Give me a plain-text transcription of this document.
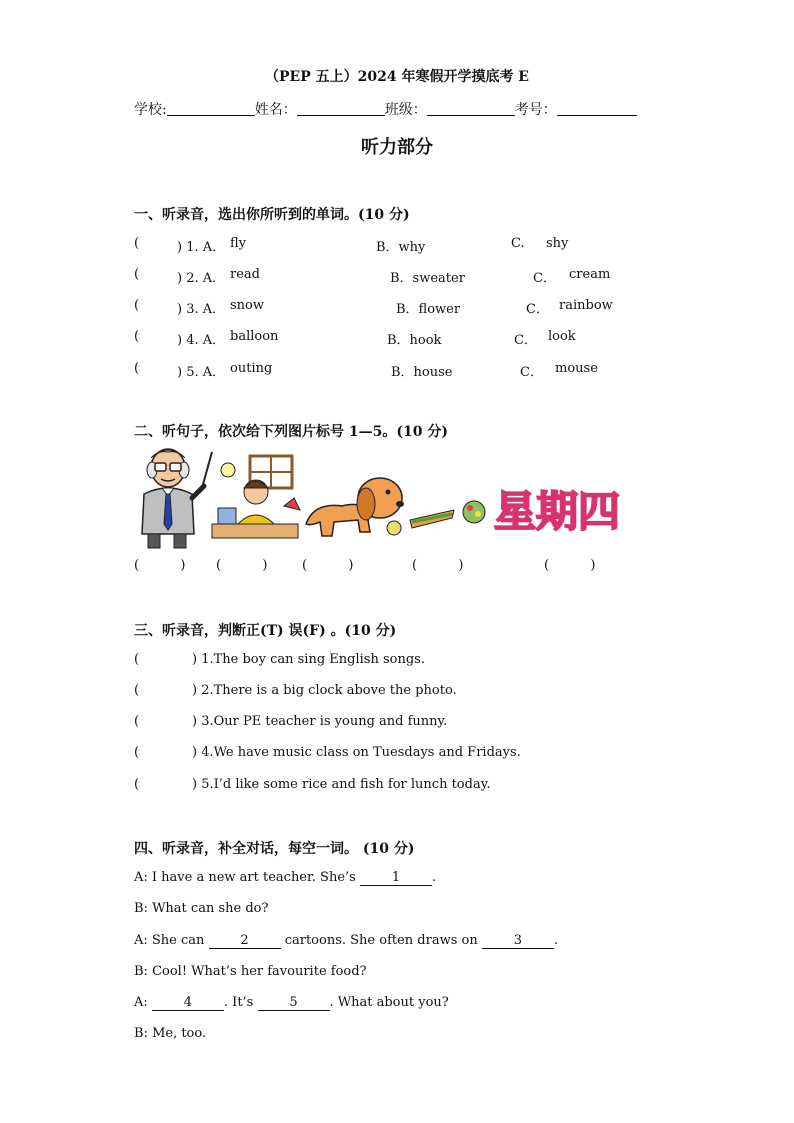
（PEP 五上）2024 年寒假开学摸底考 E
学校:	姓名：	班级：	考号：
听力部分
一、听录音，选出你所听到的单词。(10 分)
(	) 1. A． fly	B．why	C. shy
(	) 2. A． read	B．sweater	C． cream
(	) 3. A． snow	B．flower	C． rainbow
(	) 4. A． balloon	B．hook	C． look
(	) 5. A． outing	B．house	C． mouse
二、听句子，依次给下列图片标号 1—5。(10 分)
星期四
(          ) (          )	(          )	(          )	(          )
三、听录音，判断正(T) 误(F) 。(10 分)
(	) 1.The boy can sing English songs.
(	) 2.There is a big clock above the photo.
(	) 3.Our PE teacher is young and funny.
(	) 4.We have music class on Tuesdays and Fridays.
(	) 5.I’d like some rice and fish for lunch today.
四、听录音，补全对话，每空一词。 (10 分)
A: I have a new art teacher. She’s	1 .
B: What can she do?
A: She can	2	cartoons. She often draws on	3 .
B: Cool! What’s her favourite food?
A:	4 . It’s	5 . What about you?
B: Me, too.
